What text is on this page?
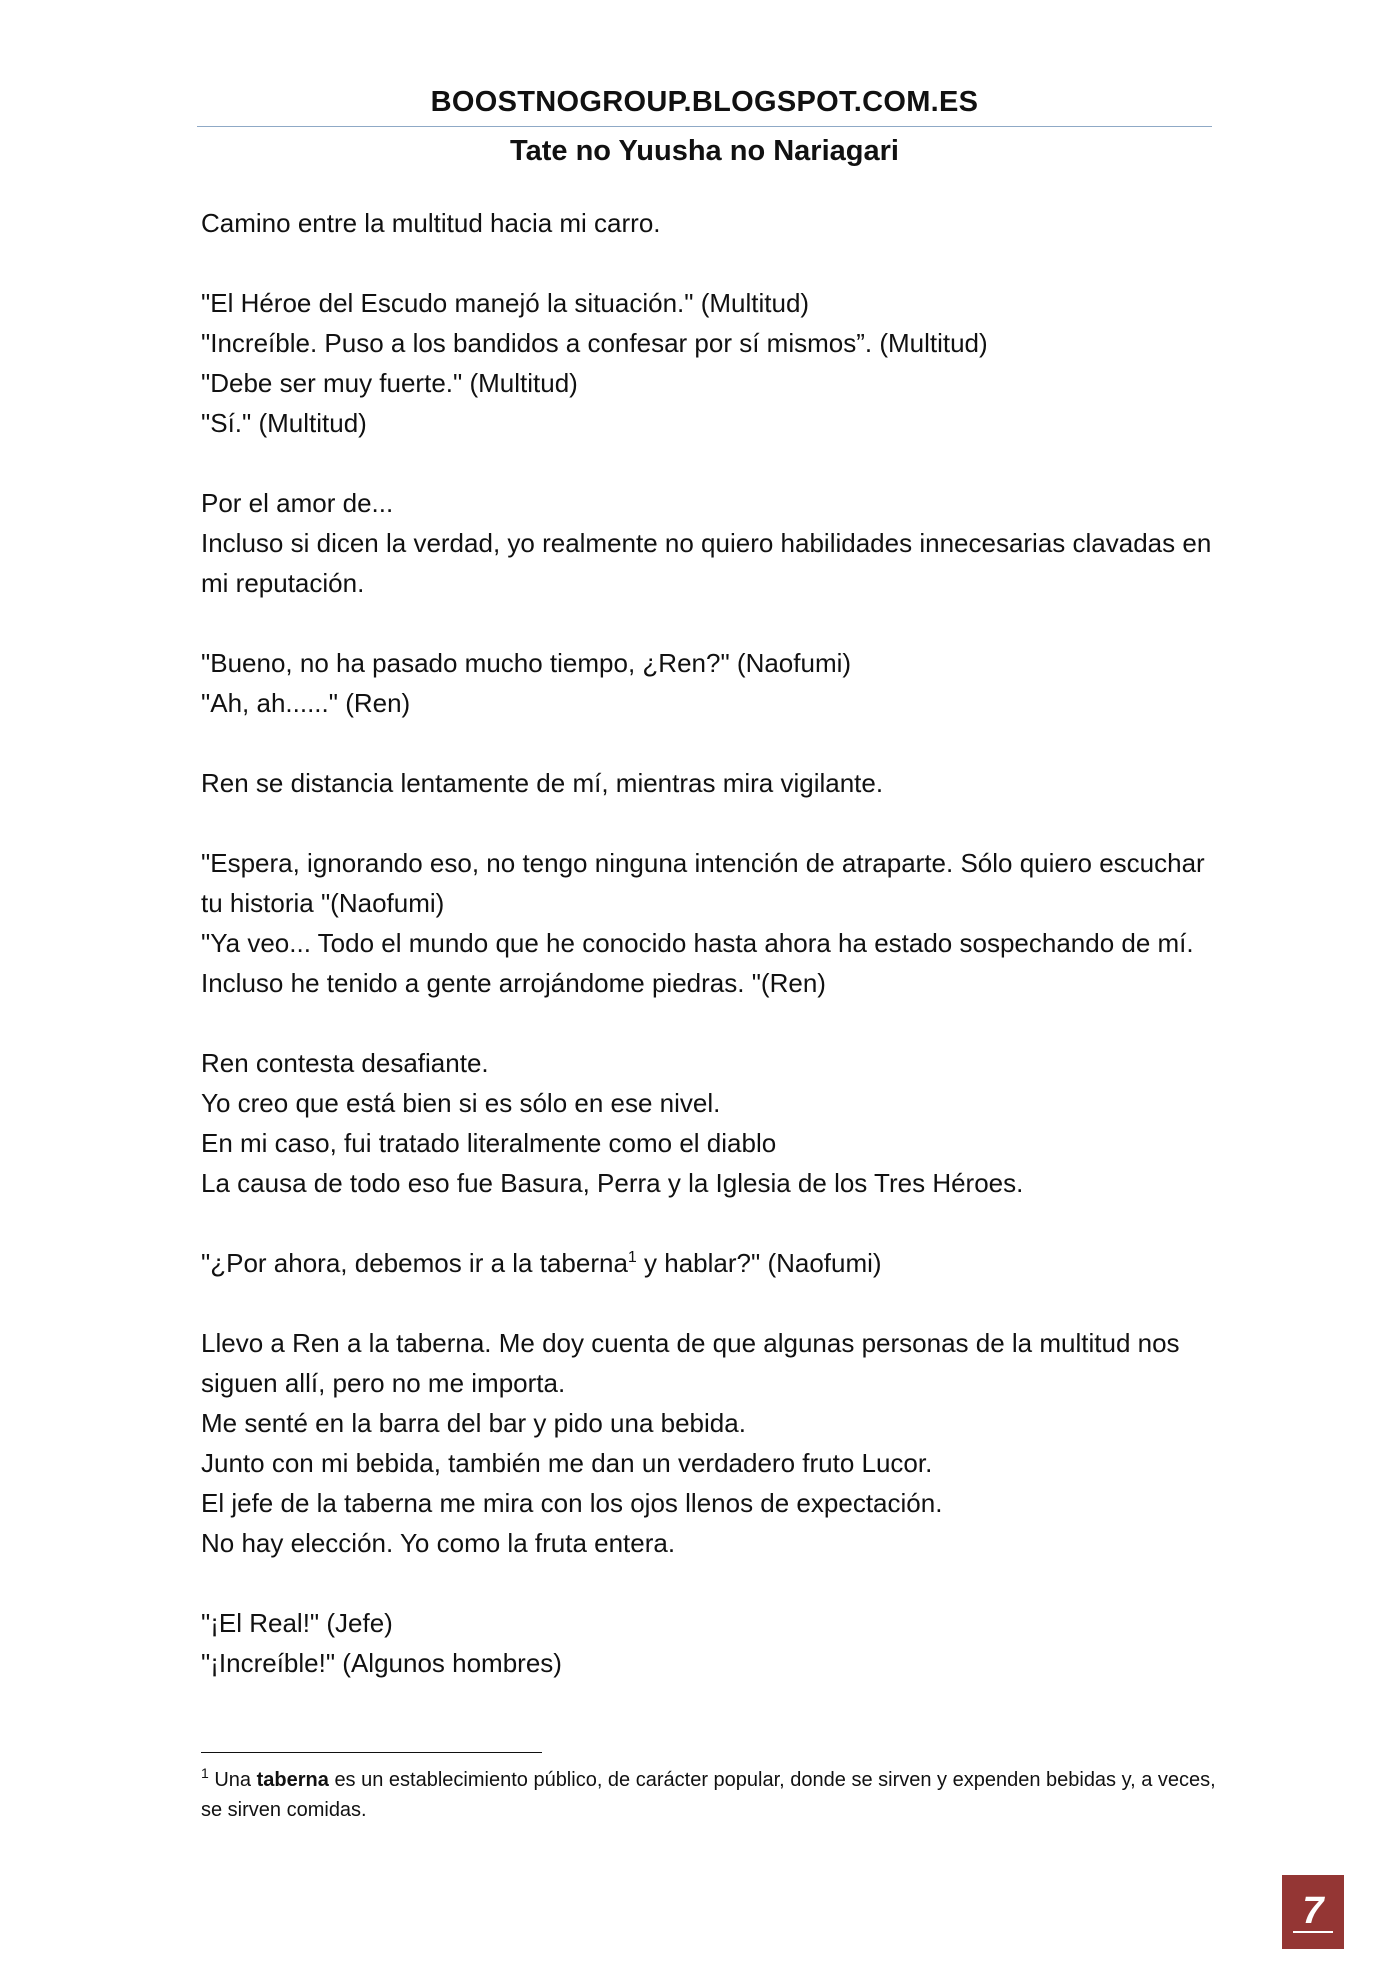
BOOSTNOGROUP.BLOGSPOT.COM.ES
Tate no Yuusha no Nariagari
Camino entre la multitud hacia mi carro.
"El Héroe del Escudo manejó la situación." (Multitud)
"Increíble. Puso a los bandidos a confesar por sí mismos”. (Multitud)
"Debe ser muy fuerte." (Multitud)
"Sí." (Multitud)
Por el amor de...
Incluso si dicen la verdad, yo realmente no quiero habilidades innecesarias clavadas en mi reputación.
"Bueno, no ha pasado mucho tiempo, ¿Ren?" (Naofumi)
"Ah, ah......" (Ren)
Ren se distancia lentamente de mí, mientras mira vigilante.
"Espera, ignorando eso, no tengo ninguna intención de atraparte. Sólo quiero escuchar tu historia "(Naofumi)
"Ya veo... Todo el mundo que he conocido hasta ahora ha estado sospechando de mí. Incluso he tenido a gente arrojándome piedras. "(Ren)
Ren contesta desafiante.
Yo creo que está bien si es sólo en ese nivel.
En mi caso, fui tratado literalmente como el diablo
La causa de todo eso fue Basura, Perra y la Iglesia de los Tres Héroes.
"¿Por ahora, debemos ir a la taberna$^1$ y hablar?" (Naofumi)
Llevo a Ren a la taberna. Me doy cuenta de que algunas personas de la multitud nos siguen allí, pero no me importa.
Me senté en la barra del bar y pido una bebida.
Junto con mi bebida, también me dan un verdadero fruto Lucor.
El jefe de la taberna me mira con los ojos llenos de expectación.
No hay elección. Yo como la fruta entera.
"¡El Real!" (Jefe)
"¡Increíble!" (Algunos hombres)
$^1$ Una taberna es un establecimiento público, de carácter popular, donde se sirven y expenden bebidas y, a veces, se sirven comidas.
7
